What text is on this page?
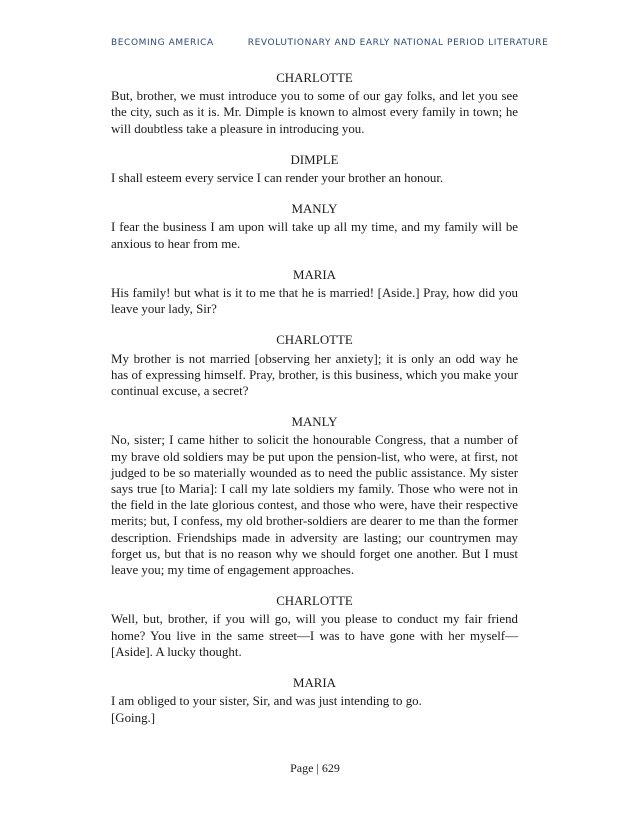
BECOMING AMERICA	REVOLUTIONARY AND EARLY NATIONAL PERIOD LITERATURE
CHARLOTTE

But, brother, we must introduce you to some of our gay folks, and let you see the city, such as it is. Mr. Dimple is known to almost every family in town; he will doubtless take a pleasure in introducing you.

DIMPLE

I shall esteem every service I can render your brother an honour.

MANLY

I fear the business I am upon will take up all my time, and my family will be anxious to hear from me.

MARIA

His family! but what is it to me that he is married! [Aside.] Pray, how did you leave your lady, Sir?

CHARLOTTE

My brother is not married [observing her anxiety]; it is only an odd way he has of expressing himself. Pray, brother, is this business, which you make your continual excuse, a secret?

MANLY

No, sister; I came hither to solicit the honourable Congress, that a number of my brave old soldiers may be put upon the pension-list, who were, at first, not judged to be so materially wounded as to need the public assistance. My sister says true [to Maria]: I call my late soldiers my family. Those who were not in the field in the late glorious contest, and those who were, have their respective merits; but, I confess, my old brother-soldiers are dearer to me than the former description. Friendships made in adversity are lasting; our countrymen may forget us, but that is no reason why we should forget one another. But I must leave you; my time of engagement approaches.

CHARLOTTE

Well, but, brother, if you will go, will you please to conduct my fair friend home? You live in the same street—I was to have gone with her myself— [Aside]. A lucky thought.

MARIA

I am obliged to your sister, Sir, and was just intending to go.

[Going.]

Page | 629
